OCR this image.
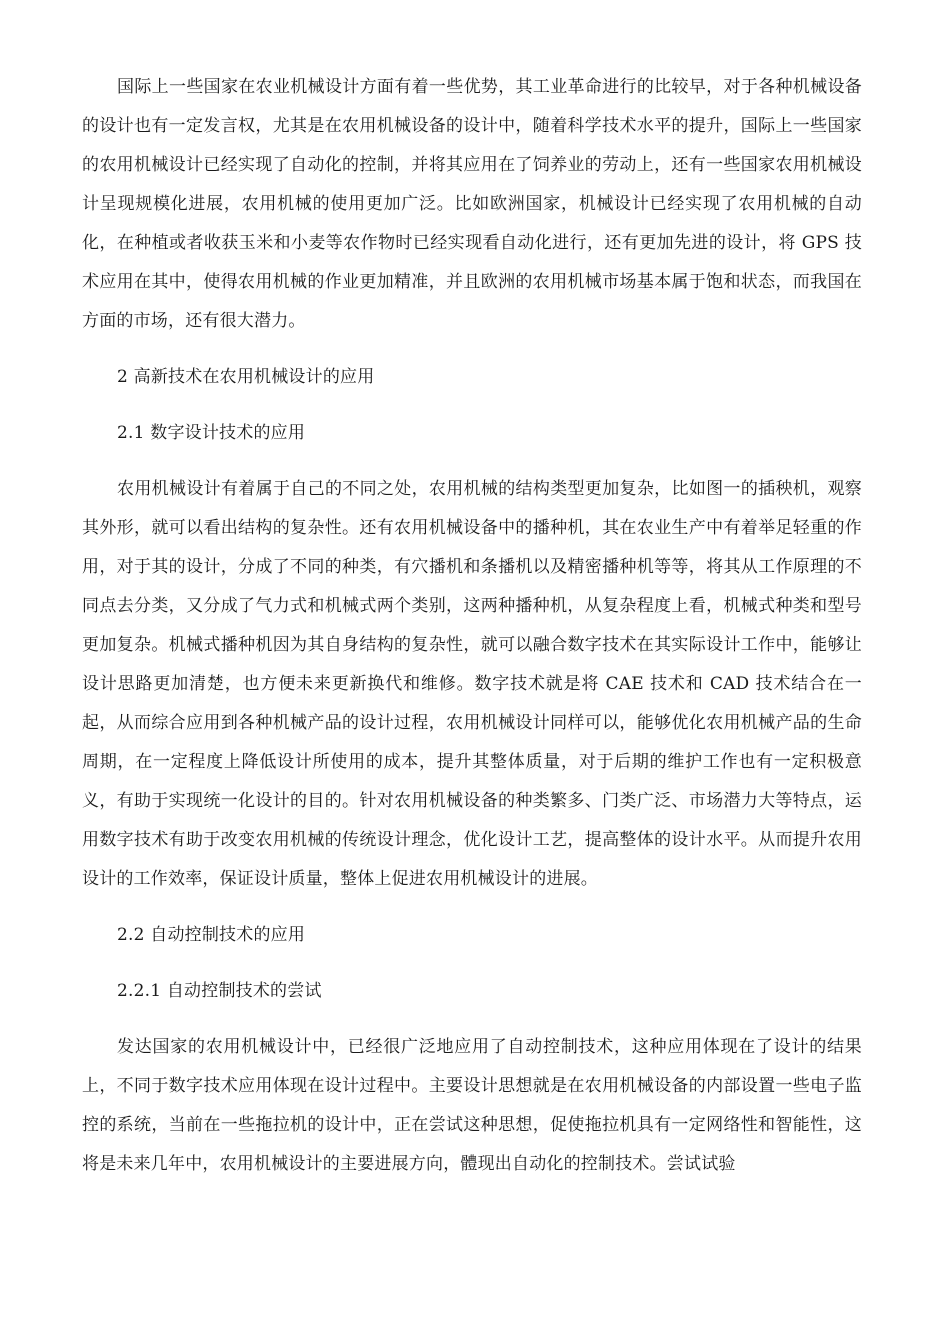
国际上一些国家在农业机械设计方面有着一些优势，其工业革命进行的比较早，对于各种机械设备的设计也有一定发言权，尤其是在农用机械设备的设计中，随着科学技术水平的提升，国际上一些国家的农用机械设计已经实现了自动化的控制，并将其应用在了饲养业的劳动上，还有一些国家农用机械设计呈现规模化进展，农用机械的使用更加广泛。比如欧洲国家，机械设计已经实现了农用机械的自动化，在种植或者收获玉米和小麦等农作物时已经实现看自动化进行，还有更加先进的设计，将 GPS 技术应用在其中，使得农用机械的作业更加精准，并且欧洲的农用机械市场基本属于饱和状态，而我国在方面的市场，还有很大潜力。

2 高新技术在农用机械设计的应用

2.1 数字设计技术的应用

农用机械设计有着属于自己的不同之处，农用机械的结构类型更加复杂，比如图一的插秧机，观察其外形，就可以看出结构的复杂性。还有农用机械设备中的播种机，其在农业生产中有着举足轻重的作用，对于其的设计，分成了不同的种类，有穴播机和条播机以及精密播种机等等，将其从工作原理的不同点去分类，又分成了气力式和机械式两个类别，这两种播种机，从复杂程度上看，机械式种类和型号更加复杂。机械式播种机因为其自身结构的复杂性，就可以融合数字技术在其实际设计工作中，能够让设计思路更加清楚，也方便未来更新换代和维修。数字技术就是将 CAE 技术和 CAD 技术结合在一起，从而综合应用到各种机械产品的设计过程，农用机械设计同样可以，能够优化农用机械产品的生命周期，在一定程度上降低设计所使用的成本，提升其整体质量，对于后期的维护工作也有一定积极意义，有助于实现统一化设计的目的。针对农用机械设备的种类繁多、门类广泛、市场潜力大等特点，运用数字技术有助于改变农用机械的传统设计理念，优化设计工艺，提高整体的设计水平。从而提升农用设计的工作效率，保证设计质量，整体上促进农用机械设计的进展。

2.2 自动控制技术的应用

2.2.1 自动控制技术的尝试

发达国家的农用机械设计中，已经很广泛地应用了自动控制技术，这种应用体现在了设计的结果上，不同于数字技术应用体现在设计过程中。主要设计思想就是在农用机械设备的内部设置一些电子监控的系统，当前在一些拖拉机的设计中，正在尝试这种思想，促使拖拉机具有一定网络性和智能性，这将是未来几年中，农用机械设计的主要进展方向，體现出自动化的控制技术。尝试试验
